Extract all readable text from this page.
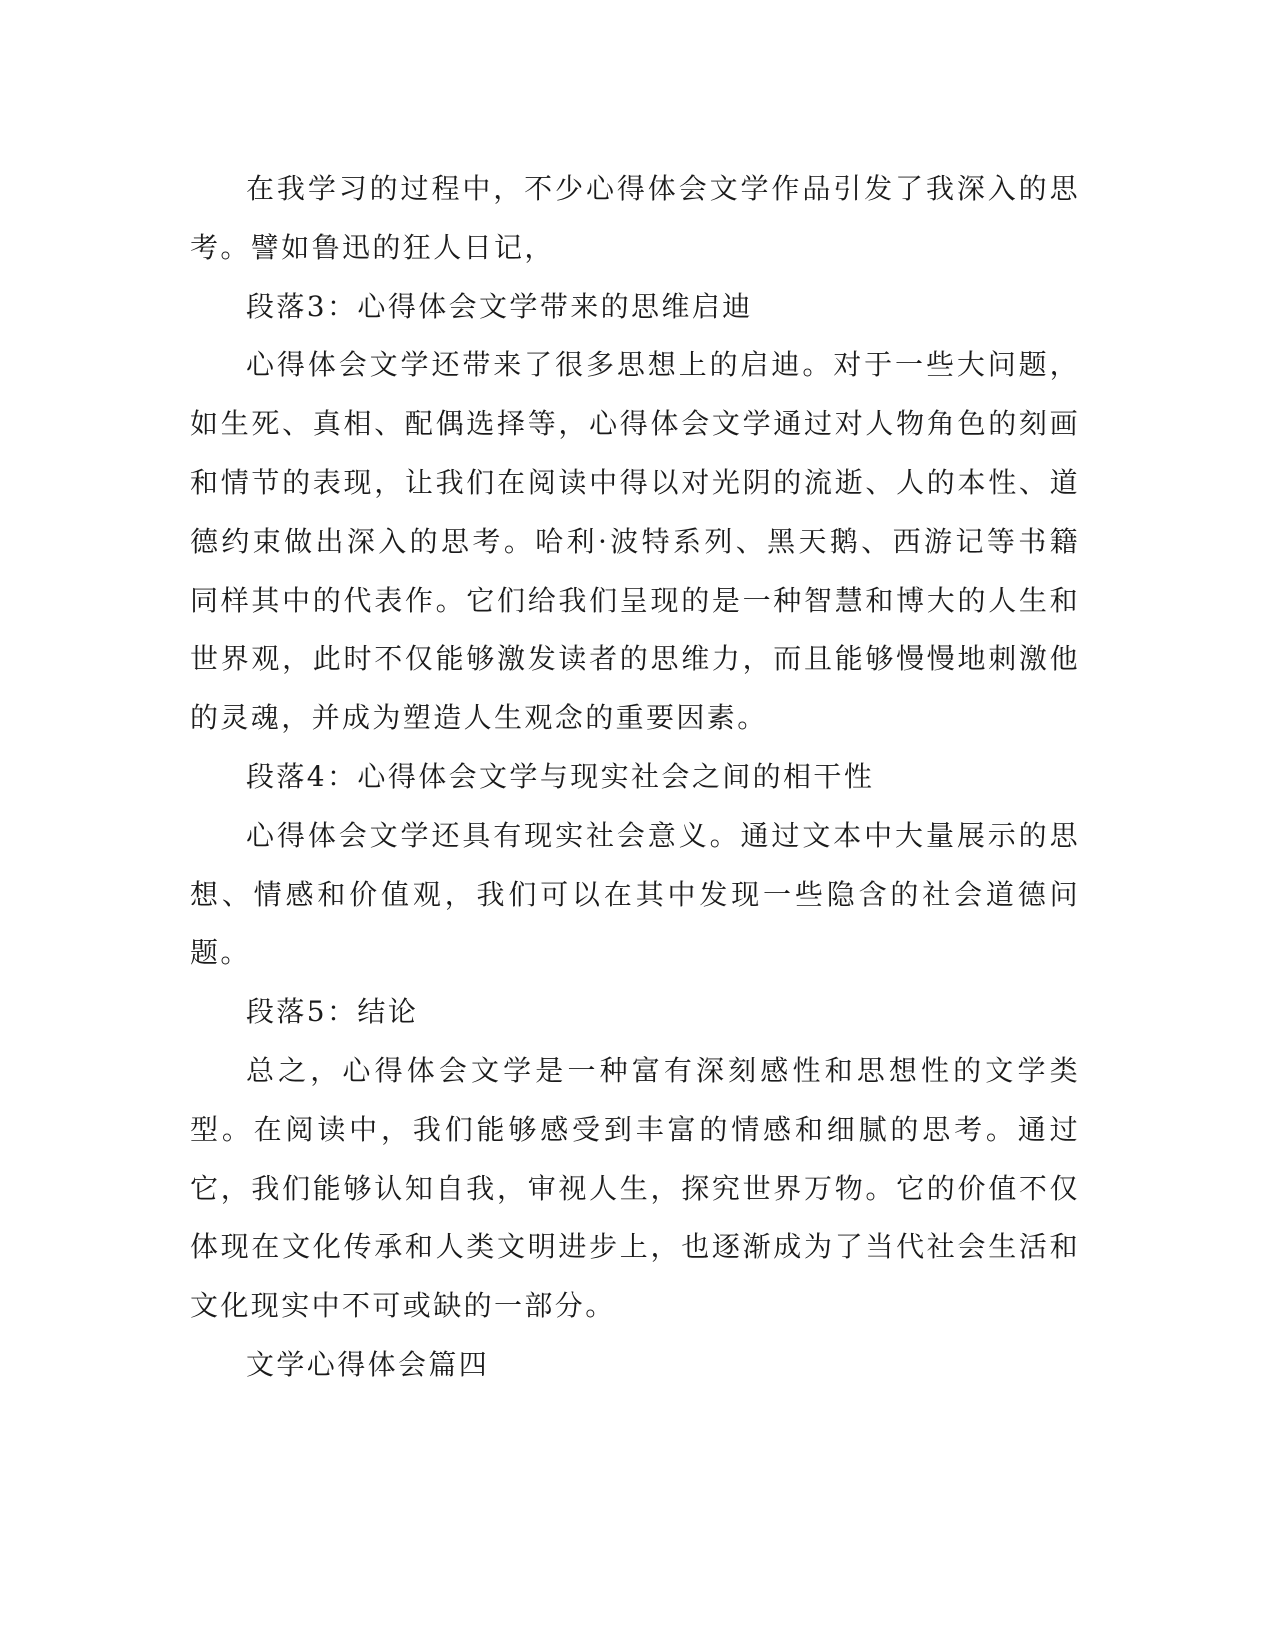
在我学习的过程中，不少心得体会文学作品引发了我深入的思考。譬如鲁迅的狂人日记，

段落3：心得体会文学带来的思维启迪

心得体会文学还带来了很多思想上的启迪。对于一些大问题，如生死、真相、配偶选择等，心得体会文学通过对人物角色的刻画和情节的表现，让我们在阅读中得以对光阴的流逝、人的本性、道德约束做出深入的思考。哈利·波特系列、黑天鹅、西游记等书籍同样其中的代表作。它们给我们呈现的是一种智慧和博大的人生和世界观，此时不仅能够激发读者的思维力，而且能够慢慢地刺激他的灵魂，并成为塑造人生观念的重要因素。

段落4：心得体会文学与现实社会之间的相干性

心得体会文学还具有现实社会意义。通过文本中大量展示的思想、情感和价值观，我们可以在其中发现一些隐含的社会道德问题。

段落5：结论

总之，心得体会文学是一种富有深刻感性和思想性的文学类型。在阅读中，我们能够感受到丰富的情感和细腻的思考。通过它，我们能够认知自我，审视人生，探究世界万物。它的价值不仅体现在文化传承和人类文明进步上，也逐渐成为了当代社会生活和文化现实中不可或缺的一部分。

文学心得体会篇四
